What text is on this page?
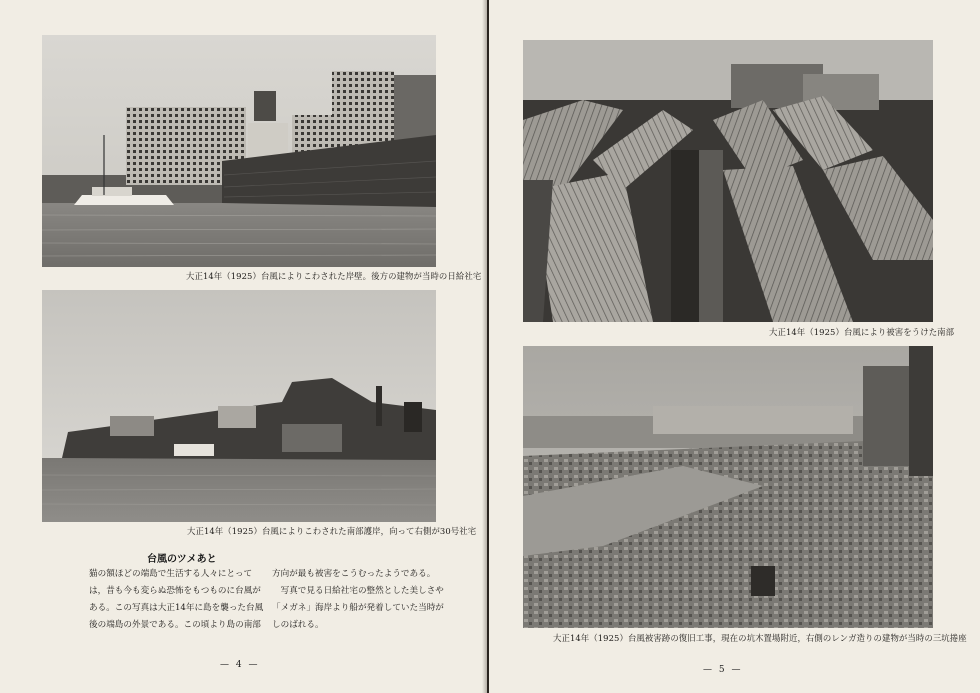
大正14年（1925）台風によりこわされた岸壁。後方の建物が当時の日給社宅
大正14年（1925）台風によりこわされた南部護岸，向って右側が30号社宅
台風のツメあと

猫の額ほどの端島で生活する人々にとって

は，昔も今も変らぬ恐怖をもつものに台風が

ある。この写真は大正14年に島を襲った台風

後の端島の外景である。この頃より島の南部

方向が最も被害をこうむったようである。

　写真で見る日給社宅の整然とした美しさや

「メガネ」海岸より船が発着していた当時が

しのばれる。

— 4 —
大正14年（1925）台風により被害をうけた南部
大正14年（1925）台風被害跡の復旧工事，現在の坑木置場附近，右側のレンガ造りの建物が当時の三坑捲座
— 5 —
